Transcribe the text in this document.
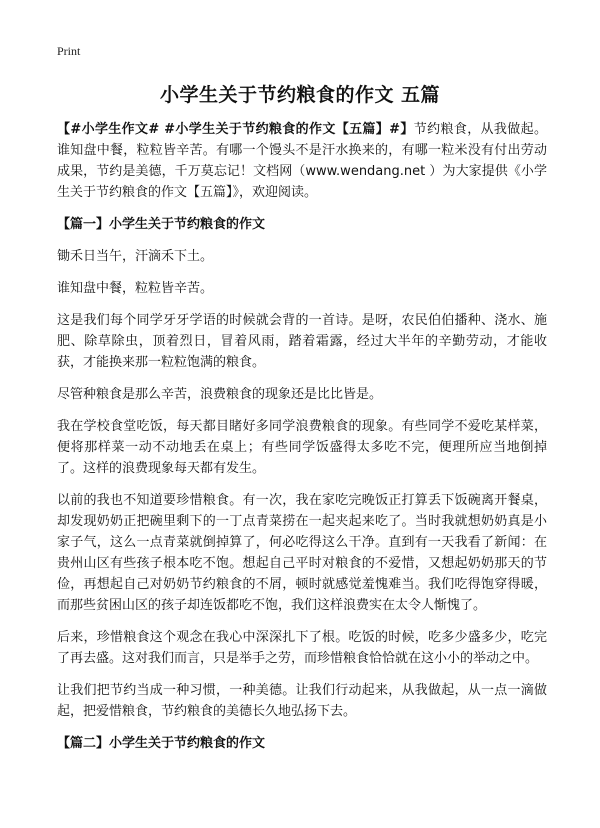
Print
小学生关于节约粮食的作文 五篇

【#小学生作文# #小学生关于节约粮食的作文【五篇】#】节约粮食，从我做起。谁知盘中餐，粒粒皆辛苦。有哪一个馒头不是汗水换来的，有哪一粒米没有付出劳动成果，节约是美德，千万莫忘记！文档网（www.wendang.net ）为大家提供《小学生关于节约粮食的作文【五篇】》，欢迎阅读。

【篇一】小学生关于节约粮食的作文

锄禾日当午，汗滴禾下土。

谁知盘中餐，粒粒皆辛苦。

这是我们每个同学牙牙学语的时候就会背的一首诗。是呀，农民伯伯播种、浇水、施肥、除草除虫，顶着烈日，冒着风雨，踏着霜露，经过大半年的辛勤劳动，才能收获，才能换来那一粒粒饱满的粮食。

尽管种粮食是那么辛苦，浪费粮食的现象还是比比皆是。

我在学校食堂吃饭，每天都目睹好多同学浪费粮食的现象。有些同学不爱吃某样菜，便将那样菜一动不动地丢在桌上；有些同学饭盛得太多吃不完，便理所应当地倒掉了。这样的浪费现象每天都有发生。

以前的我也不知道要珍惜粮食。有一次，我在家吃完晚饭正打算丢下饭碗离开餐桌，却发现奶奶正把碗里剩下的一丁点青菜捞在一起夹起来吃了。当时我就想奶奶真是小家子气，这么一点青菜就倒掉算了，何必吃得这么干净。直到有一天我看了新闻：在贵州山区有些孩子根本吃不饱。想起自己平时对粮食的不爱惜，又想起奶奶那天的节俭，再想起自己对奶奶节约粮食的不屑，顿时就感觉羞愧难当。我们吃得饱穿得暖，而那些贫困山区的孩子却连饭都吃不饱，我们这样浪费实在太令人惭愧了。

后来，珍惜粮食这个观念在我心中深深扎下了根。吃饭的时候，吃多少盛多少，吃完了再去盛。这对我们而言，只是举手之劳，而珍惜粮食恰恰就在这小小的举动之中。

让我们把节约当成一种习惯，一种美德。让我们行动起来，从我做起，从一点一滴做起，把爱惜粮食，节约粮食的美德长久地弘扬下去。

【篇二】小学生关于节约粮食的作文
